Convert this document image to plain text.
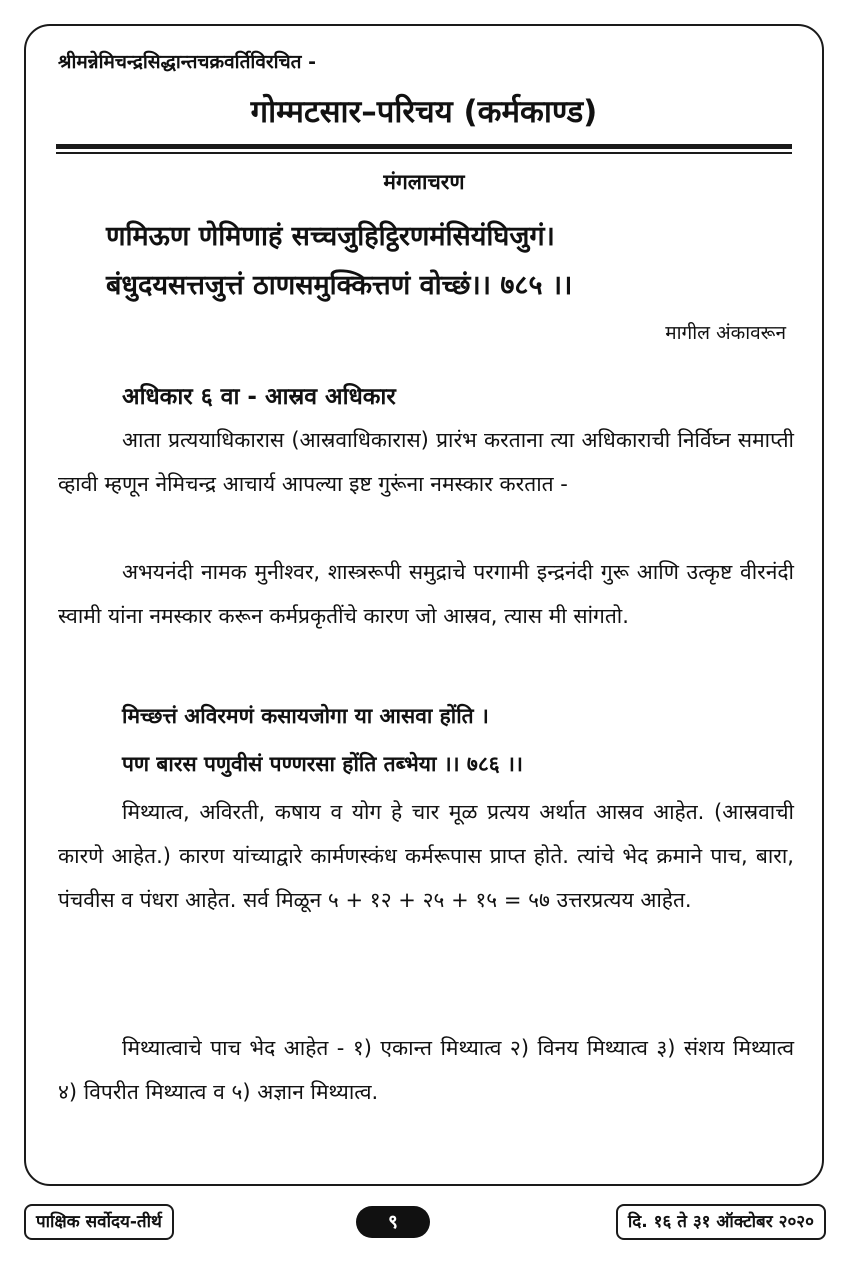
श्रीमन्नेमिचन्द्रसिद्धान्तचक्रवर्तिविरचित -
गोम्मटसार–परिचय (कर्मकाण्ड)
मंगलाचरण
णमिऊण णेमिणाहं सच्चजुहिट्ठिरणमंसियंघिजुगं।
बंधुदयसत्तजुत्तं ठाणसमुक्कित्तणं वोच्छं।। ७८५ ।।
मागील अंकावरून
अधिकार ६ वा - आस्रव अधिकार
आता प्रत्ययाधिकारास (आस्रवाधिकारास) प्रारंभ करताना त्या अधिकाराची निर्विघ्न समाप्ती व्हावी म्हणून नेमिचन्द्र आचार्य आपल्या इष्ट गुरूंना नमस्कार करतात -
अभयनंदी नामक मुनीश्वर, शास्त्ररूपी समुद्राचे परगामी इन्द्रनंदी गुरू आणि उत्कृष्ट वीरनंदी स्वामी यांना नमस्कार करून कर्मप्रकृतींचे कारण जो आस्रव, त्यास मी सांगतो.
मिच्छत्तं अविरमणं कसायजोगा या आसवा होंति ।
पण बारस पणुवीसं पण्णरसा होंति तब्भेया ।। ७८६ ।।
मिथ्यात्व, अविरती, कषाय व योग हे चार मूळ प्रत्यय अर्थात आस्रव आहेत. (आस्रवाची कारणे आहेत.) कारण यांच्याद्वारे कार्मणस्कंध कर्मरूपास प्राप्त होते. त्यांचे भेद क्रमाने पाच, बारा, पंचवीस व पंधरा आहेत. सर्व मिळून ५ + १२ + २५ + १५ = ५७ उत्तरप्रत्यय आहेत.
मिथ्यात्वाचे पाच भेद आहेत - १) एकान्त मिथ्यात्व २) विनय मिथ्यात्व ३) संशय मिथ्यात्व ४) विपरीत मिथ्यात्व व ५) अज्ञान मिथ्यात्व.
पाक्षिक सर्वोदय-तीर्थ	९	दि. १६ ते ३१ ऑक्टोबर २०२०
